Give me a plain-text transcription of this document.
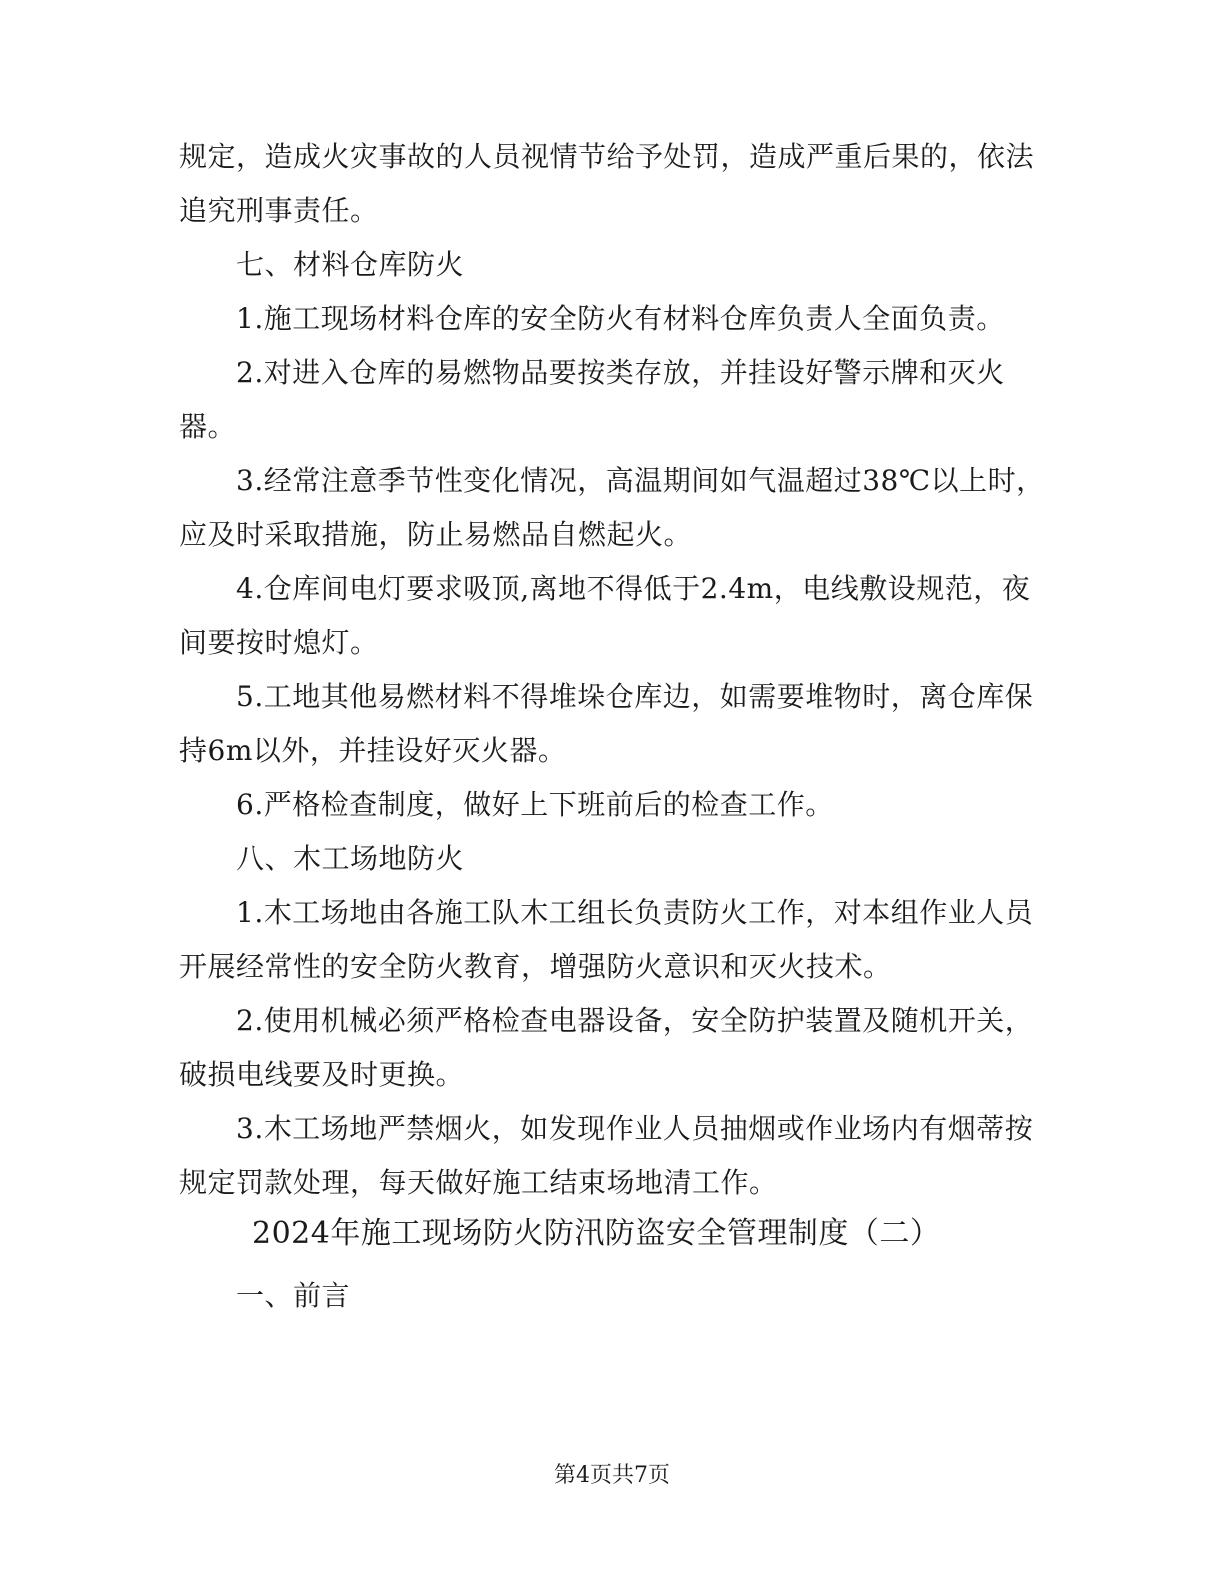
规定，造成火灾事故的人员视情节给予处罚，造成严重后果的，依法
追究刑事责任。
七、材料仓库防火
1.施工现场材料仓库的安全防火有材料仓库负责人全面负责。
2.对进入仓库的易燃物品要按类存放，并挂设好警示牌和灭火
器。
3.经常注意季节性变化情况，高温期间如气温超过38℃以上时，
应及时采取措施，防止易燃品自燃起火。
4.仓库间电灯要求吸顶,离地不得低于2.4m，电线敷设规范，夜
间要按时熄灯。
5.工地其他易燃材料不得堆垛仓库边，如需要堆物时，离仓库保
持6m以外，并挂设好灭火器。
6.严格检查制度，做好上下班前后的检查工作。
八、木工场地防火
1.木工场地由各施工队木工组长负责防火工作，对本组作业人员
开展经常性的安全防火教育，增强防火意识和灭火技术。
2.使用机械必须严格检查电器设备，安全防护装置及随机开关，
破损电线要及时更换。
3.木工场地严禁烟火，如发现作业人员抽烟或作业场内有烟蒂按
规定罚款处理，每天做好施工结束场地清工作。
2024年施工现场防火防汛防盗安全管理制度（二）
一、前言
第4页共7页
